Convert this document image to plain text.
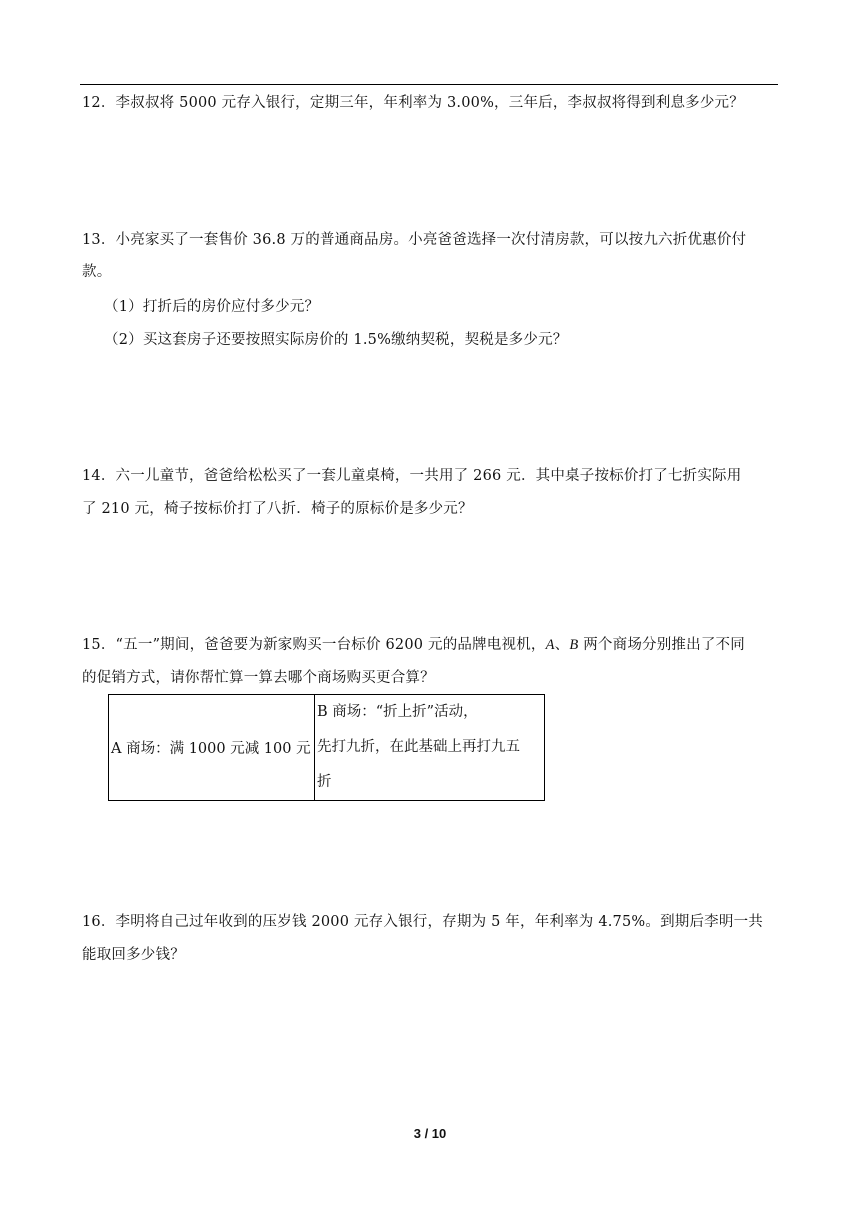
12．李叔叔将 5000 元存入银行，定期三年，年利率为 3.00%，三年后，李叔叔将得到利息多少元？
13．小亮家买了一套售价 36.8 万的普通商品房。小亮爸爸选择一次付清房款，可以按九六折优惠价付
款。
（1）打折后的房价应付多少元？
（2）买这套房子还要按照实际房价的 1.5%缴纳契税，契税是多少元？
14．六一儿童节，爸爸给松松买了一套儿童桌椅，一共用了 266 元．其中桌子按标价打了七折实际用
了 210 元，椅子按标价打了八折．椅子的原标价是多少元？
15．“五一”期间，爸爸要为新家购买一台标价 6200 元的品牌电视机，A、B 两个商场分别推出了不同
的促销方式，请你帮忙算一算去哪个商场购买更合算？
A 商场：满 1000 元减 100 元	
B 商场：“折上折”活动，
先打九折，在此基础上再打九五
折
16．李明将自己过年收到的压岁钱 2000 元存入银行，存期为 5 年，年利率为 4.75%。到期后李明一共
能取回多少钱？
3 / 10
